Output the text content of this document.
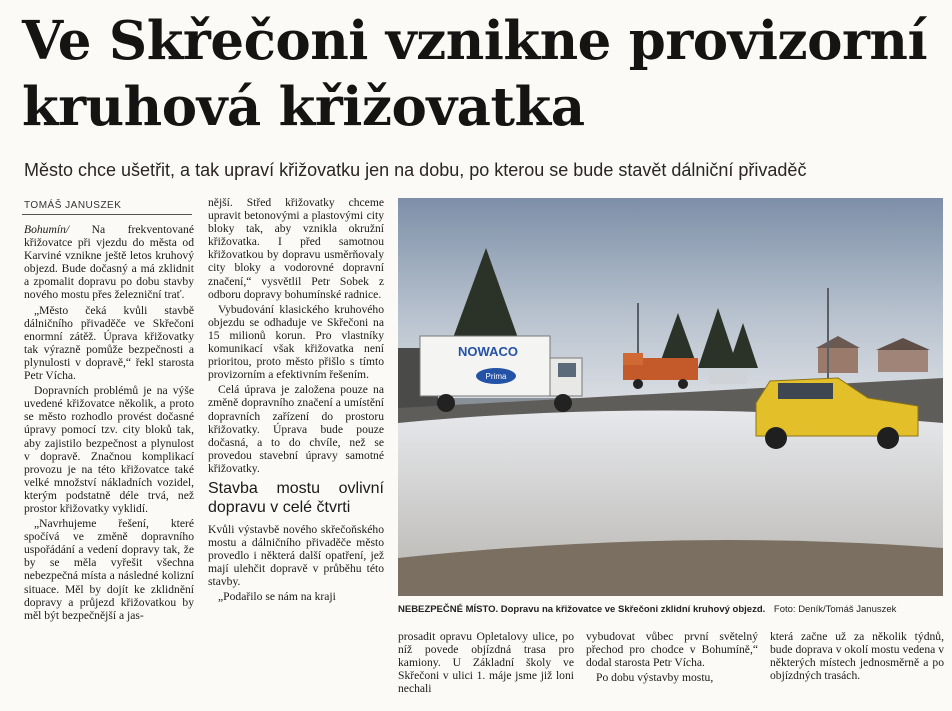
Ve Skřečoni vznikne provizorní kruhová křižovatka
Město chce ušetřit, a tak upraví křižovatku jen na dobu, po kterou se bude stavět dálniční přivaděč
TOMÁŠ JANUSZEK

Bohumín/ Na frekventované křižovatce při vjezdu do města od Karviné vznikne ještě letos kruhový objezd. Bude dočasný a má zklidnit a zpomalit dopravu po dobu stavby nového mostu přes železniční trať.

„Město čeká kvůli stavbě dálničního přivaděče ve Skřečoni enormní zátěž. Úprava křižovatky tak výrazně pomůže bezpečnosti a plynulosti v dopravě,“ řekl starosta Petr Vícha.

Dopravních problémů je na výše uvedené křižovatce několik, a proto se město rozhodlo provést dočasné úpravy pomocí tzv. city bloků tak, aby zajistilo bezpečnost a plynulost v dopravě. Značnou komplikací provozu je na této křižovatce také velké množství nákladních vozidel, kterým podstatně déle trvá, než prostor křižovatky vyklidí.

„Navrhujeme řešení, které spočívá ve změně dopravního uspořádání a vedení dopravy tak, že by se měla vyřešit všechna nebezpečná místa a následné kolizní situace. Měl by dojít ke zklidnění dopravy a průjezd křižovatkou by měl být bezpečnější a jas-

nější. Střed křižovatky chceme upravit betonovými a plastovými city bloky tak, aby vznikla okružní křižovatka. I před samotnou křižovatkou by dopravu usměrňovaly city bloky a vodorovné dopravní značení,“ vysvětlil Petr Sobek z odboru dopravy bohumínské radnice.

Vybudování klasického kruhového objezdu se odhaduje ve Skřečoni na 15 milionů korun. Pro vlastníky komunikací však křižovatka není prioritou, proto město přišlo s tímto provizorním a efektivním řešením.

Celá úprava je založena pouze na změně dopravního značení a umístění dopravních zařízení do prostoru křižovatky. Úprava bude pouze dočasná, a to do chvíle, než se provedou stavební úpravy samotné křižovatky.

Stavba mostu ovlivní dopravu v celé čtvrti

Kvůli výstavbě nového skřečoňského mostu a dálničního přivaděče město provedlo i některá další opatření, jež mají ulehčit dopravě v průběhu této stavby.

„Podařilo se nám na kraji

NOWACO
Prima
NEBEZPEČNÉ MÍSTO. Dopravu na křižovatce ve Skřečoni zklidní kruhový objezd. Foto: Deník/Tomáš Januszek

prosadit opravu Opletalovy ulice, po níž povede objízdná trasa pro kamiony. U Základní školy ve Skřečoni v ulici 1. máje jsme již loni nechali

vybudovat vůbec první světelný přechod pro chodce v Bohumíně,“ dodal starosta Petr Vícha.

Po dobu výstavby mostu,

která začne už za několik týdnů, bude doprava v okolí mostu vedena v některých místech jednosměrně a po objízdných trasách.
